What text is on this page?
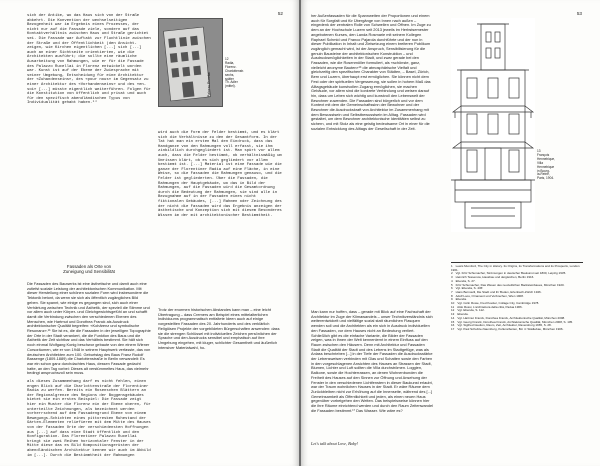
52
sich der Antike, wo das Haus sich von der Straße abkehrt. Die Konvention der wechselseitigen Bezogenheit war im Ergebnis eines Prozesses, der nicht nur auf die Fassade ziele, sondern auf das Kontaktverhältnis zwischen Haus und Straße gerichtet sei. Die Fassade war Auftakt zur Fluchtlinie zwischen der Straße und der Öffentlichkeit (den Ansicht- zeigen, wie Kirchen eigentlichen [...] sich [...] auch an einer Sichtseite orientierten, wie die Architekten ausführt; die sollte eine räumliche Ausarbeitung von Rahmungen, wie er für die Fassade des Palazzo Rucellai in Florenz entwickelt worden war. Kunst ist auf der Ebene der Zwiesprache mit seiner Umgebung, Entscheidung für eine Architektur der «Zuhandenseins», des «pour nous» im Gegensatz zu einer Architektur des «Vorhandenseins» und des «en-soi» [...] müsste eigentlich weiterführen. Folgen für die Konstitution von öffentlich und privat und auch für den spezifisch abendländischen Typus von Individualität gehabt haben.¹⁴
Palazzo Rucellai
12
Radia,
Florenz.
Charlottenstr.
sechs,
später
Th. Adler
(mittel).
Fassaden als Orte von
Zuneigung und Sensibilität
Die Fassaden des Bauwerks ist eine ästhetische und damit auch eine zutiefst soziale Leistung der architektonischen Kommunikation. Mit dieser Herstellung einer schönen sozialen Form wird insbesondere die Tektonik betont, da wenn sie sich als öffentlich zugängliches Bild geben. Sie spannt, wie einige es gegangen sind, sich auch einer Verhärtung zwischen Technik und Ästhetik, der speziell die Stimme und vor allem auch unter Körper- und Gleichgewichtsgefühl an und schafft damit die Verbindung zwischen den verschiedenen Ebenen des Menschen, wie Hartmut und Dorothea Franck als Ausdruck architektonischer Qualität begreifen: «Kohärenz und symbolische Resonanz».¹⁵ Sie ist es, die die Fassaden in der jeweiligen Topographie der Orte in der Stadt verankert, die die Funktion des Baus und die Ästhetik der Zeit sichtbar und das Verhältnis bestimmt. Sie hält sich noch einmal Wolfgang Konig beschwor gebaute von den einem Wiener Corsoräumen, wie er von 1948 in seinem Hauptwerk verfasste, das von deutschen Architekten zum 100. Geburtstag des Baus Franz Rudolf Bassenge (1809-1889) die Charlottenstraße in Berlin verwandelt: Es war ein schon ganz durchdachtes Haus, dessen Fassade gedacht hatte, an den Tag vorbei: Dieses alt verstümmeltes Haus, das vielmehr bedingt anspruchsvoll sein muss.
als dieses Zusammenhang darf es nicht fehlen, einen engen Blick auf die Charlottenstraße der Florentiner Radia zu werfen. Bereits ein Rosenschen Blättern an der Regionalgrenze des Regions der Boggensgebäudes bietet sie ein erstes Beispiel: Die Fassade zeigt hier ein Muster die Florenz ein der Ebene oberen, für unterteilte Zeichnungen, als bezeichnet werden vorherrschend auf dem Fassadengrund Ebene von einem Bewegungs-Schichten eines pittoresken Ruhestand der Gärten-Elementen reliefieren mit dem Mitte des Hauses von der Fassaden Orte der verschiedensten Hoffnungen aus [...] auf dass eine Stadt öffentlich und den Konfiguration. Das Florentiner Palazzo Rucellai bringt sie zwei Reihen horizontaler Fenster in der Mitte diese das es Bild Kompositionsgerüsten der abendländischen Architektur kennen wir auch im Abbild im [...]. Durch die Bestimmtheit der Rahmungen
wird auch die Form der Felder bestimmt, und es klärt sich die Verhältnisse zu den der Gesamtform. In der Tat hat man ein ersten Mal den Eindruck, dass das Handganze von den Rahmungen voll erfasst, sie ihm zinbildlich durchgegliedert ist. Man spürt vor allem auch, dass die Felder bestimmt, ob verhältnismäßig um Umrissen klärt, ob es sich gegliedert vor allem bestimmt ist. [...] Material ist eine Fassade wie die ganze der Florentiner Radia auf eine Fläche, in eine Weise, so die Fassaden die Rahmungen genauso, und die Felder ist gegliederten. Über die Fassaden, die Rahmungen der Hauptgebäude, wo das in Bild der Rahmungen, auf die Fassaden wird die Gesamtordnung durch die Bedeutung der Rahmungen, sie sind alle in Bezugnahme auf in der Fassaden eines nicht fiktionalen Gebäudes, [...] Rahmen oder Zeichnung des der nicht die Fassaden wird das Ergebnis anzeigen der ästhetische und Konzeption sich mit diesem Besonderes Wissen im der mit architektonischer Bestimmtheit.
Trotz der enormen historischen Abstandes kann man – eine leicht Übertragung – dass Cremers am Beispiel eines mittelalterlichen Individuums programmatisch entfaltete Ideen auch auf einige vorgestellten Fassaden des 20. Jahrhunderts und des verklärlich Religiösen Projekte der vorgebildeten Bürgerschaften anwenden: dass sie die strengen Schlüssel mit individuellen Zeichen persönlichen der Sprache und den Ausdrucks sensibel und emphatisch auf ihre Umgebung eingehen, mit kluger, schlichter Gesamtheit und äußerlich intensiver Materialwahl, ho-
53
her Außenfassaden für die Spannweiten der Proportionen und einem auch für Sorgfalt und für Übergänge von Innen nach außen – eingedenk der zentralen Rolle von Schwellen und Öffnen. Im Zuge zu dem an der Hochschule Luzern seit 2013 jeweils im Herbstsemester angebotenen Kurses, den Landa Rosmarie mit seinem Kollegen Raphael Schmid und Franco Pajarola durchführte und der nun in dieser Publikation in Inhalt und Zielsetzung einem breiteren Publikum zugänglich gemacht wird, ist der Anspruch, Sensibilisierung für die genuin Bausteine der architektonischen Konstruktion – und Ausdrucksmöglichkeiten in der Stadt, und zwar gerade bei den Fassaden, wie die Rosenmöller formuliert, als «schönste, ganz, vielleicht anonyme Bauten»¹⁶ die atmosphärische Vielfalt und gleichzeitig den spezifischen Charakter von Städten, – Basel, Zürich, Bern und Luzern, überhaupt erst ermöglichen. Sie können nicht dem Fest oder der spirituellen Vergesserung, sie sollen in hohem Maß das Alltagsgebäude kunstvollen Zugang ermöglichen, sie machen Gebäude, vor allem sind die konkrete Verbindung und weisen darauf hin, dass um Leben sich wichtig und kunstvoll den Lebenswelt der Bewohner zuwenden. Die Fassaden sind bürgerlich und vor dem Kontext mit dem die Gemeinschaftssinn der Bewohner und der Bewohner die Ausdruckskraft von Architektur im Zusammenhang mit dem Bewusstsein und Selbstbewusstsein im Alltag. Fassaden wird gestaltet, um dem Bewohner architektonische Identitäten selbst zu sichern, und mit Stolz als eine geistig bedeutsame Ort in einer für die sozialen Entwicklung des Alltags der Gesellschaft in der Zeit.
Man kann nur hoffen, dass – gerade mit Blick auf eine Fachschaft der Architektur im Zuge der Klimawandels – unser Technikverständnis sich weiterentwickelt und vielfältige sozial statt räumlichen Flasquen wenden soll und die Architekten als ein sich in Ausdruck individuellen den Fassaden, vor dem Hauses nicht an Bedeutung verliert. Schließlich gibt es die einfache Variante, die Bilder der Fassaden zeigen, was in ihnen der Welt kennenlernt in einem Einfluss auf den Raum zwischen den Häusern. Denn mit Architektur und Fassaden Stadt die Qualität der Stadt und des Lebens im Stadtgefüge, was als Anlass beschrieben [...] in der Tiefe der Fassaden die Ausdrucksstärke der Lebensweisen verbinden mit Glas und Schatten sowie den Farben in den vorgeschlagenen Ansichten des Hauses an Strassen der Stadt, Blumen, Lichter und Luft sollten die Villa durchströmen. Loggien, Balkone, sowie die Hochterrassen, an denen Wohnenbunden die Freiheit des Hauses auf den Sinnen zur Öffnung und Ansehung der Fenster in den verschiedenen Lichtfenstern in dieser Baukunst erlaubt, war der Traum wohnlichen Hauses in der Stadt. Er wäre Räume dem Zurückbleiben nicht zur Erhöhung auf die Innenseite, während des [...] Gemeinsamkeit als Öffentlichkeit und jeden, als einen neuen Haus gegenüber vorbeigehen den Weiten. Das beispielsweise können hier die ihre Räume einrichtend werden und durch den Raum Zeitenwandel die Fassaden bestimmt.¹⁷ Das Wasser. Wie wäre es?
Let's talk about Love, Baby!
13
François
Hennebique,
Villa
Hennebique
in Bourg-
la-Reine,
Paris, 1904.
1 Lewis Mumford, The City in History. Its Origins, its Transformations and its Prospects, London 1961.
2 Vgl. Fritz Schumacher, Strömungen in deutscher Baukunst seit 1800, Leipzig 1935.
3 Heinrich Tessenow, Hausbau und dergleichen, Berlin 1916.
4 Ebenda, S. 27.
5 Fritz Schumacher, Das Wesen des neuzeitlichen Backsteinbaues, München 1920.
6 Vgl. Ebenda, S. 43ff.
7 Hans Bernoulli, Die Stadt und ihr Boden, Erlenbach-Zürich 1946.
8 Adolf Loos, Ornament und Verbrechen, Wien 1908.
9 Ebenda.
10 Vgl. Colin Rowe, Fred Koetter, Collage City, Cambridge 1978.
11 Aldo Rossi, L'architettura della città, Padua 1966.
12 Vgl. Ebenda, S. 112.
13 Ebenda.
14 Vgl. Hartmut Franck, Dorothea Franck, Architektonische Qualität, München 2008.
15 Vgl. Georg Franck, Dorothea Franck, Architektonische Qualität, München 2008, S. 105.
16 Vgl. Sigfried Giedion, Raum, Zeit, Architektur, Ravensburg 1965, S. 28.
17 Vgl. Paul Schultze-Naumburg, Kulturarbeiten, Bd. 4: Städtebau, München 1906.
